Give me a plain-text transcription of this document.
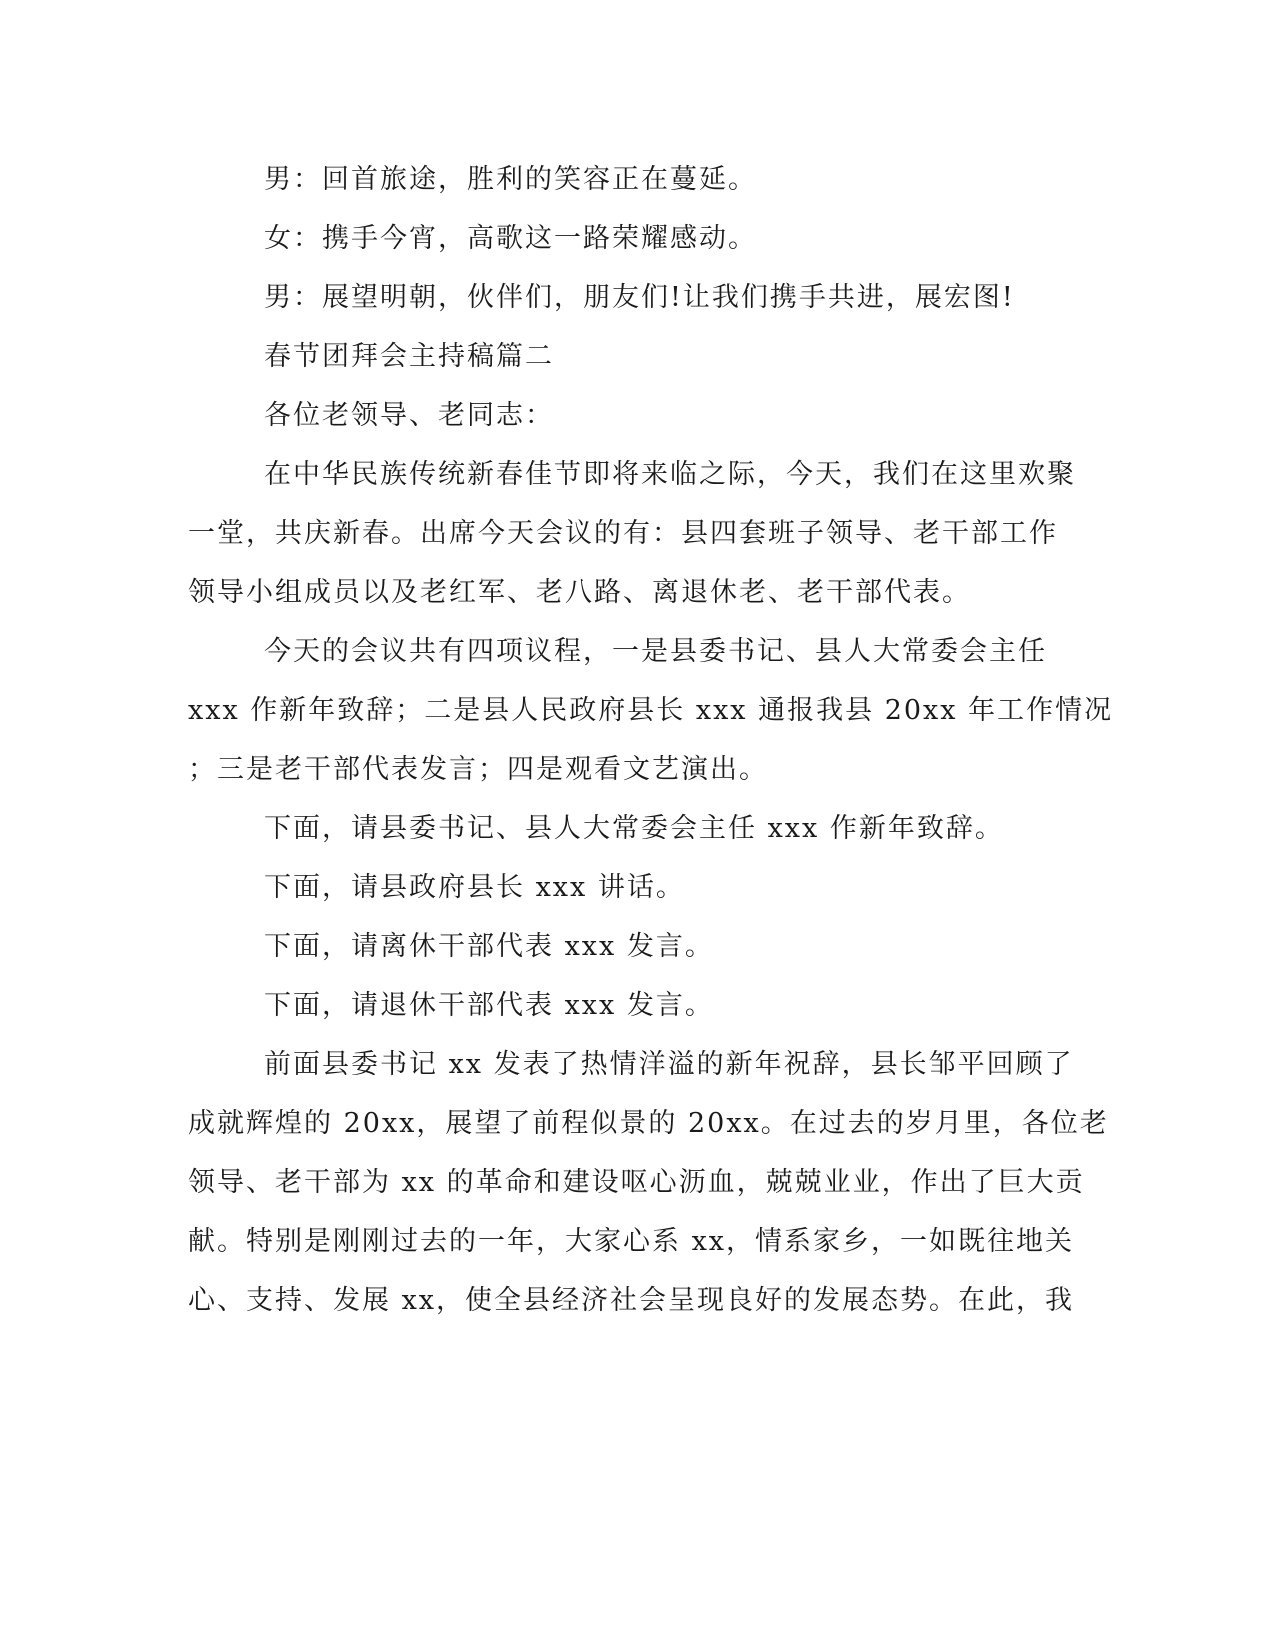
男：回首旅途，胜利的笑容正在蔓延。
女：携手今宵，高歌这一路荣耀感动。
男：展望明朝，伙伴们，朋友们!让我们携手共进，展宏图!
春节团拜会主持稿篇二
各位老领导、老同志：
在中华民族传统新春佳节即将来临之际，今天，我们在这里欢聚
一堂，共庆新春。出席今天会议的有：县四套班子领导、老干部工作
领导小组成员以及老红军、老八路、离退休老、老干部代表。
今天的会议共有四项议程，一是县委书记、县人大常委会主任
xxx 作新年致辞；二是县人民政府县长 xxx 通报我县 20xx 年工作情况
；三是老干部代表发言；四是观看文艺演出。
下面，请县委书记、县人大常委会主任 xxx 作新年致辞。
下面，请县政府县长 xxx 讲话。
下面，请离休干部代表 xxx 发言。
下面，请退休干部代表 xxx 发言。
前面县委书记 xx 发表了热情洋溢的新年祝辞，县长邹平回顾了
成就辉煌的 20xx，展望了前程似景的 20xx。在过去的岁月里，各位老
领导、老干部为 xx 的革命和建设呕心沥血，兢兢业业，作出了巨大贡
献。特别是刚刚过去的一年，大家心系 xx，情系家乡，一如既往地关
心、支持、发展 xx，使全县经济社会呈现良好的发展态势。在此，我
